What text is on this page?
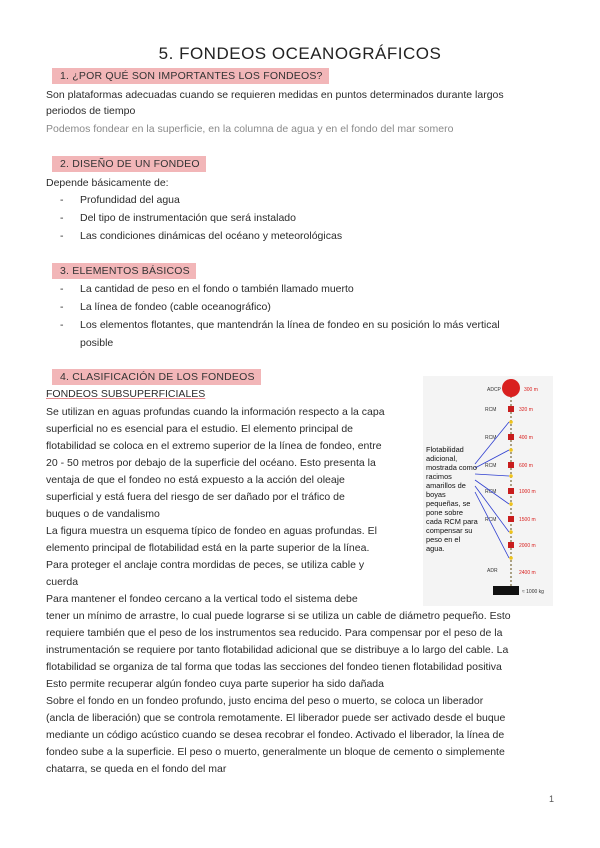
5. FONDEOS OCEANOGRÁFICOS
1. ¿POR QUÉ SON IMPORTANTES LOS FONDEOS?
Son plataformas adecuadas cuando se requieren medidas en puntos determinados durante largos
periodos de tiempo
Podemos fondear en la superficie, en la columna de agua y en el fondo del mar somero
2. DISEÑO DE UN FONDEO
Depende básicamente de:
- Profundidad del agua
- Del tipo de instrumentación que será instalado
- Las condiciones dinámicas del océano y meteorológicas
3. ELEMENTOS BÁSICOS
- La cantidad de peso en el fondo o también llamado muerto
- La línea de fondeo (cable oceanográfico)
- Los elementos flotantes, que mantendrán la línea de fondeo en su posición lo más vertical
posible
4. CLASIFICACIÓN DE LOS FONDEOS
FONDEOS SUBSUPERFICIALES
Se utilizan en aguas profundas cuando la información respecto a la capa
superficial no es esencial para el estudio. El elemento principal de
flotabilidad se coloca en el extremo superior de la línea de fondeo, entre
20 - 50 metros por debajo de la superficie del océano. Esto presenta la
ventaja de que el fondeo no está expuesto a la acción del oleaje
superficial y está fuera del riesgo de ser dañado por el tráfico de
buques o de vandalismo
La figura muestra un esquema típico de fondeo en aguas profundas. El
elemento principal de flotabilidad está en la parte superior de la línea.
Para proteger el anclaje contra mordidas de peces, se utiliza cable y
cuerda
Para mantener el fondeo cercano a la vertical todo el sistema debe
tener un mínimo de arrastre, lo cual puede lograrse si se utiliza un cable de diámetro pequeño. Esto
requiere también que el peso de los instrumentos sea reducido. Para compensar por el peso de la
instrumentación se requiere por tanto flotabilidad adicional que se distribuye a lo largo del cable. La
flotabilidad se organiza de tal forma que todas las secciones del fondeo tienen flotabilidad positiva
Esto permite recuperar algún fondeo cuya parte superior ha sido dañada
Sobre el fondo en un fondeo profundo, justo encima del peso o muerto, se coloca un liberador
(ancla de liberación) que se controla remotamente. El liberador puede ser activado desde el buque
mediante un código acústico cuando se desea recobrar el fondeo. Activado el liberador, la línea de
fondeo sube a la superficie. El peso o muerto, generalmente un bloque de cemento o simplemente
chatarra, se queda en el fondo del mar
ADCP	300 m
RCM	320 m
RCM	400 m
RCM	600 m
RCM	1000 m
RCM	1500 m
ADR
2000 m
2400 m
Flotabilidad
adicional,
mostrada como
racimos
amarillos de
boyas
pequeñas, se
pone sobre
cada RCM para
compensar su
peso en el
agua.
≈ 1000 kg
1
